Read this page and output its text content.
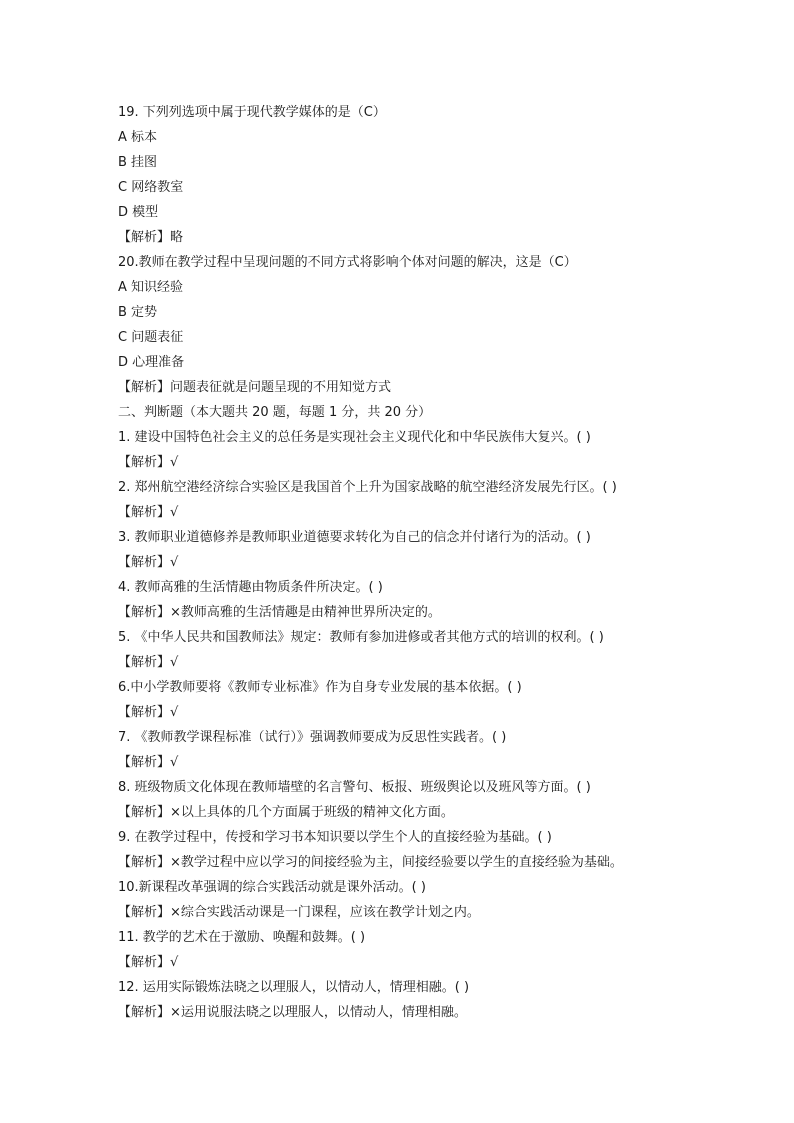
19. 下列列选项中属于现代教学媒体的是（C）
A 标本
B 挂图
C 网络教室
D 模型
【解析】略
20.教师在教学过程中呈现问题的不同方式将影响个体对问题的解决，这是（C）
A 知识经验
B 定势
C 问题表征
D 心理准备
【解析】问题表征就是问题呈现的不用知觉方式
二、判断题（本大题共 20 题，每题 1 分，共 20 分）
1. 建设中国特色社会主义的总任务是实现社会主义现代化和中华民族伟大复兴。( )
【解析】√
2. 郑州航空港经济综合实验区是我国首个上升为国家战略的航空港经济发展先行区。( )
【解析】√
3. 教师职业道德修养是教师职业道德要求转化为自己的信念并付诸行为的活动。( )
【解析】√
4. 教师高雅的生活情趣由物质条件所决定。( )
【解析】×教师高雅的生活情趣是由精神世界所决定的。
5. 《中华人民共和国教师法》规定：教师有参加进修或者其他方式的培训的权利。( )
【解析】√
6.中小学教师要将《教师专业标准》作为自身专业发展的基本依据。( )
【解析】√
7. 《教师教学课程标准（试行）》强调教师要成为反思性实践者。( )
【解析】√
8. 班级物质文化体现在教师墙壁的名言警句、板报、班级舆论以及班风等方面。( )
【解析】×以上具体的几个方面属于班级的精神文化方面。
9. 在教学过程中，传授和学习书本知识要以学生个人的直接经验为基础。( )
【解析】×教学过程中应以学习的间接经验为主，间接经验要以学生的直接经验为基础。
10.新课程改革强调的综合实践活动就是课外活动。( )
【解析】×综合实践活动课是一门课程，应该在教学计划之内。
11. 教学的艺术在于激励、唤醒和鼓舞。( )
【解析】√
12. 运用实际锻炼法晓之以理服人，以情动人，情理相融。( )
【解析】×运用说服法晓之以理服人，以情动人，情理相融。
